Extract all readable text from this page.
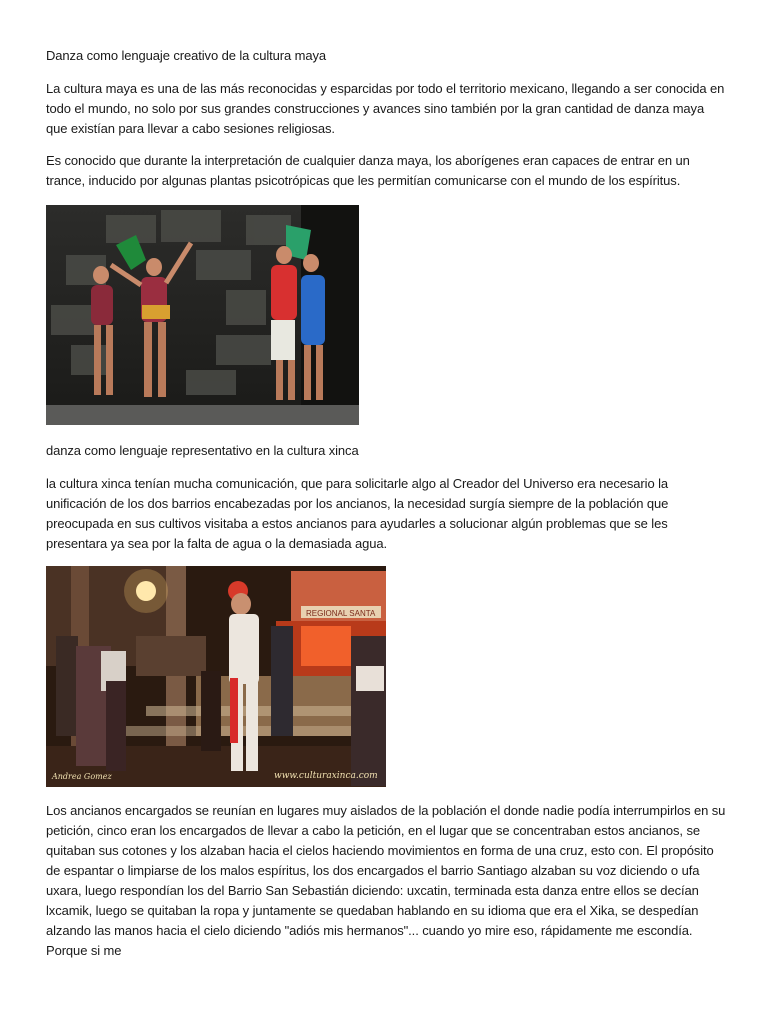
Danza como lenguaje creativo de la cultura maya

La cultura maya es una de las más reconocidas y esparcidas por todo el territorio mexicano, llegando a ser conocida en todo el mundo, no solo por sus grandes construcciones y avances sino también por la gran cantidad de danza maya que existían para llevar a cabo sesiones religiosas.

Es conocido que durante la interpretación de cualquier danza maya, los aborígenes eran capaces de entrar en un trance, inducido por algunas plantas psicotrópicas que les permitían comunicarse con el mundo de los espíritus.

danza como lenguaje representativo en la cultura xinca

la cultura xinca tenían mucha comunicación, que para solicitarle algo al Creador del Universo era necesario la unificación de los dos barrios encabezadas por los ancianos, la necesidad surgía siempre de la población que preocupada en sus cultivos visitaba a estos ancianos para ayudarles a solucionar algún problemas que se les presentara ya sea por la falta de agua o la demasiada agua.

REGIONAL SANTA
Andrea Gomez	www.culturaxinca.com

Los ancianos encargados se reunían en lugares muy aislados de la población el donde nadie podía interrumpirlos en su petición, cinco eran los encargados de llevar a cabo la petición, en el lugar que se concentraban estos ancianos, se quitaban sus cotones y los alzaban hacia el cielos haciendo movimientos en forma de una cruz, esto con. El propósito de espantar o limpiarse de los malos espíritus, los dos encargados el barrio Santiago alzaban su voz diciendo o ufa uxara, luego respondían los del Barrio San Sebastián diciendo: uxcatin, terminada esta danza entre ellos se decían lxcamik, luego se quitaban la ropa y juntamente se quedaban hablando en su idioma que era el Xika, se despedían alzando las manos hacia el cielo diciendo "adiós mis hermanos"... cuando yo mire eso, rápidamente me escondía. Porque si me
